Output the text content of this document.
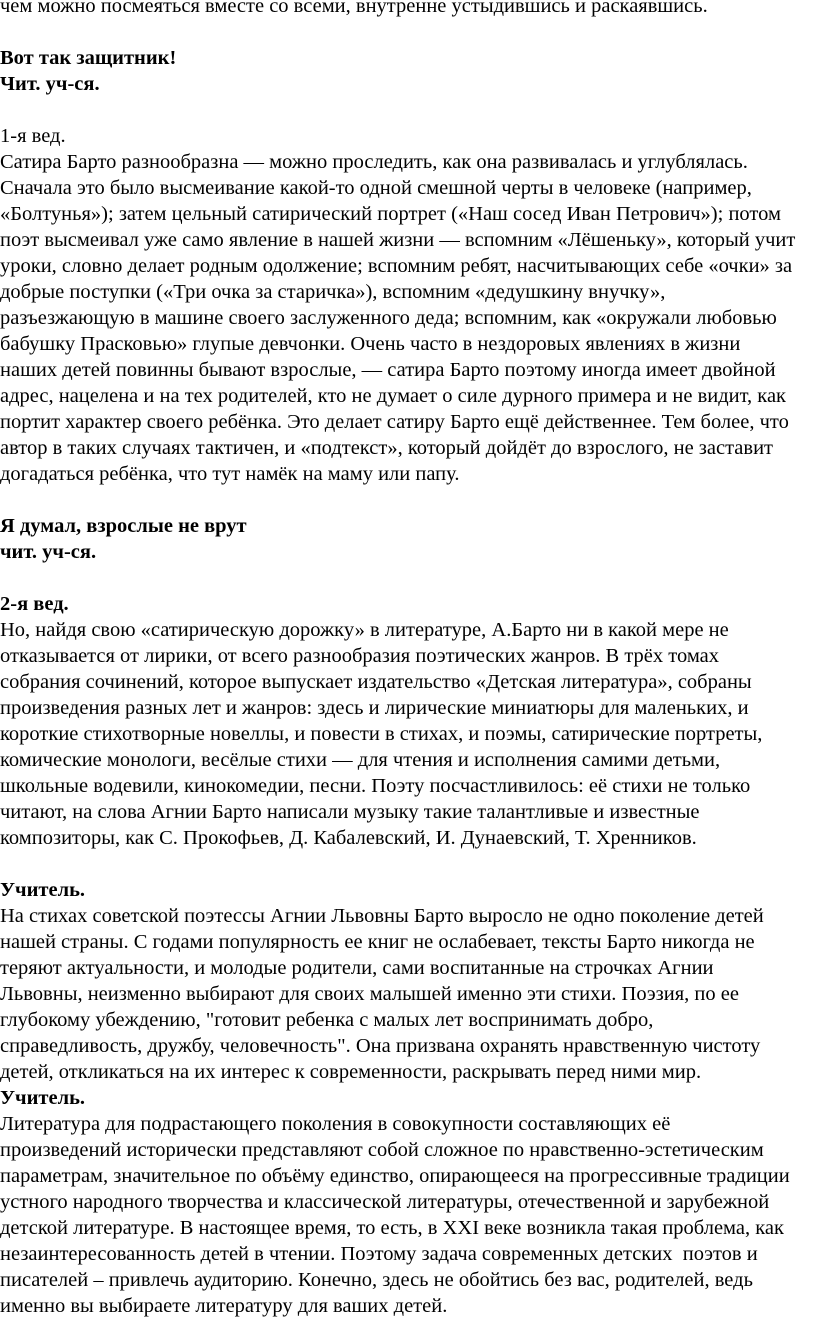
чем можно посмеяться вместе со всеми, внутренне устыдившись и раскаявшись.
Вот так защитник!
Чит. уч-ся.
1-я вед.
Сатира Барто разнообразна — можно проследить, как она развивалась и углублялась.
Сначала это было высмеивание какой-то одной смешной черты в человеке (например,
«Болтунья»); затем цельный сатирический портрет («Наш сосед Иван Петрович»); потом
поэт высмеивал уже само явление в нашей жизни — вспомним «Лёшеньку», который учит
уроки, словно делает родным одолжение; вспомним ребят, насчитывающих себе «очки» за
добрые поступки («Три очка за старичка»), вспомним «дедушкину внучку»,
разъезжающую в машине своего заслуженного деда; вспомним, как «окружали любовью
бабушку Прасковью» глупые девчонки. Очень часто в нездоровых явлениях в жизни
наших детей повинны бывают взрослые, — сатира Барто поэтому иногда имеет двойной
адрес, нацелена и на тех родителей, кто не думает о силе дурного примера и не видит, как
портит характер своего ребёнка. Это делает сатиру Барто ещё действеннее. Тем более, что
автор в таких случаях тактичен, и «подтекст», который дойдёт до взрослого, не заставит
догадаться ребёнка, что тут намёк на маму или папу.
Я думал, взрослые не врут
чит. уч-ся.
2-я вед.
Но, найдя свою «сатирическую дорожку» в литературе, А.Барто ни в какой мере не
отказывается от лирики, от всего разнообразия поэтических жанров. В трёх томах
собрания сочинений, которое выпускает издательство «Детская литература», собраны
произведения разных лет и жанров: здесь и лирические миниатюры для маленьких, и
короткие стихотворные новеллы, и повести в стихах, и поэмы, сатирические портреты,
комические монологи, весёлые стихи — для чтения и исполнения самими детьми,
школьные водевили, кинокомедии, песни. Поэту посчастливилось: её стихи не только
читают, на слова Агнии Барто написали музыку такие талантливые и известные
композиторы, как С. Прокофьев, Д. Кабалевский, И. Дунаевский, Т. Хренников.
Учитель.
На стихах советской поэтессы Агнии Львовны Барто выросло не одно поколение детей
нашей страны. С годами популярность ее книг не ослабевает, тексты Барто никогда не
теряют актуальности, и молодые родители, сами воспитанные на строчках Агнии
Львовны, неизменно выбирают для своих малышей именно эти стихи. Поэзия, по ее
глубокому убеждению, "готовит ребенка с малых лет воспринимать добро,
справедливость, дружбу, человечность". Она призвана охранять нравственную чистоту
детей, откликаться на их интерес к современности, раскрывать перед ними мир.
Учитель.
Литература для подрастающего поколения в совокупности составляющих её
произведений исторически представляют собой сложное по нравственно-эстетическим
параметрам, значительное по объёму единство, опирающееся на прогрессивные традиции
устного народного творчества и классической литературы, отечественной и зарубежной
детской литературе. В настоящее время, то есть, в XXI веке возникла такая проблема, как
незаинтересованность детей в чтении. Поэтому задача современных детских  поэтов и
писателей – привлечь аудиторию. Конечно, здесь не обойтись без вас, родителей, ведь
именно вы выбираете литературу для ваших детей.
